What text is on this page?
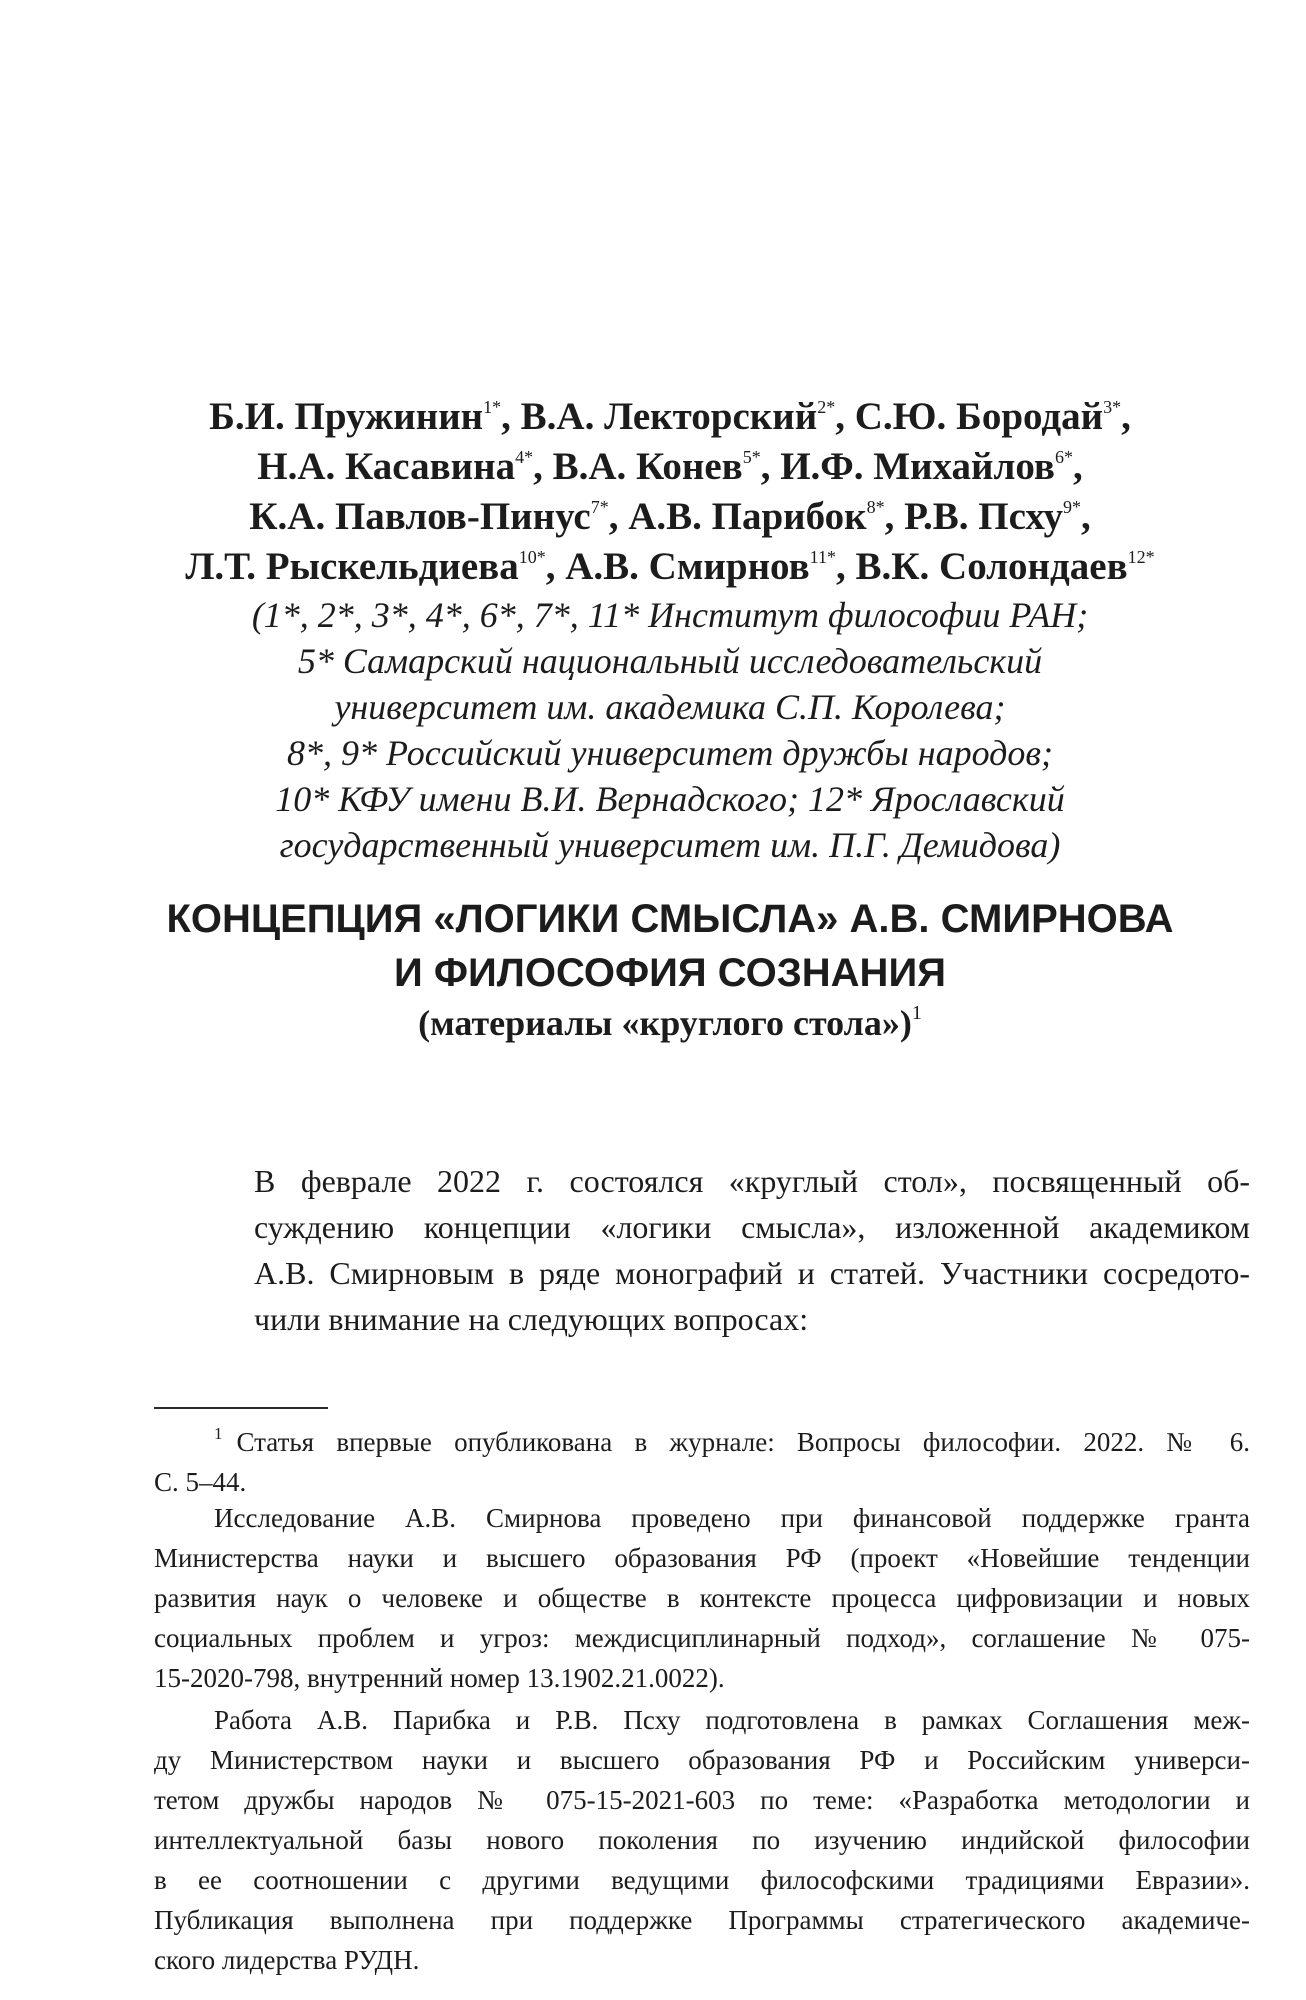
Б.И. Пружинин$^{1*}$, В.А. Лекторский$^{2*}$, С.Ю. Бородай$^{3*}$,
Н.А. Касавина$^{4*}$, В.А. Конев$^{5*}$, И.Ф. Михайлов$^{6*}$,
К.А. Павлов-Пинус$^{7*}$, А.В. Парибок$^{8*}$, Р.В. Псху$^{9*}$,
Л.Т. Рыскельдиева$^{10*}$, А.В. Смирнов$^{11*}$, В.К. Солондаев$^{12*}$
(1*, 2*, 3*, 4*, 6*, 7*, 11* Институт философии РАН;
5* Самарский национальный исследовательский
университет им. академика С.П. Королева;
8*, 9* Российский университет дружбы народов;
10* КФУ имени В.И. Вернадского; 12* Ярославский
государственный университет им. П.Г. Демидова)
КОНЦЕПЦИЯ «ЛОГИКИ СМЫСЛА» А.В. СМИРНОВА
И ФИЛОСОФИЯ СОЗНАНИЯ
(материалы «круглого стола»)$^1$
В феврале 2022 г. состоялся «круглый стол», посвященный об-
суждению концепции «логики смысла», изложенной академиком
А.В. Смирновым в ряде монографий и статей. Участники сосредото-
чили внимание на следующих вопросах:
$^1$ Статья впервые опубликована в журнале: Вопросы философии. 2022. № 6.
С. 5–44.
Исследование А.В. Смирнова проведено при финансовой поддержке гранта
Министерства науки и высшего образования РФ (проект «Новейшие тенденции
развития наук о человеке и обществе в контексте процесса цифровизации и новых
социальных проблем и угроз: междисциплинарный подход», соглашение № 075-
15-2020-798, внутренний номер 13.1902.21.0022).
Работа А.В. Парибка и Р.В. Псху подготовлена в рамках Соглашения меж-
ду Министерством науки и высшего образования РФ и Российским универси-
тетом дружбы народов № 075-15-2021-603 по теме: «Разработка методологии и
интеллектуальной базы нового поколения по изучению индийской философии
в ее соотношении с другими ведущими философскими традициями Евразии».
Публикация выполнена при поддержке Программы стратегического академиче-
ского лидерства РУДН.
